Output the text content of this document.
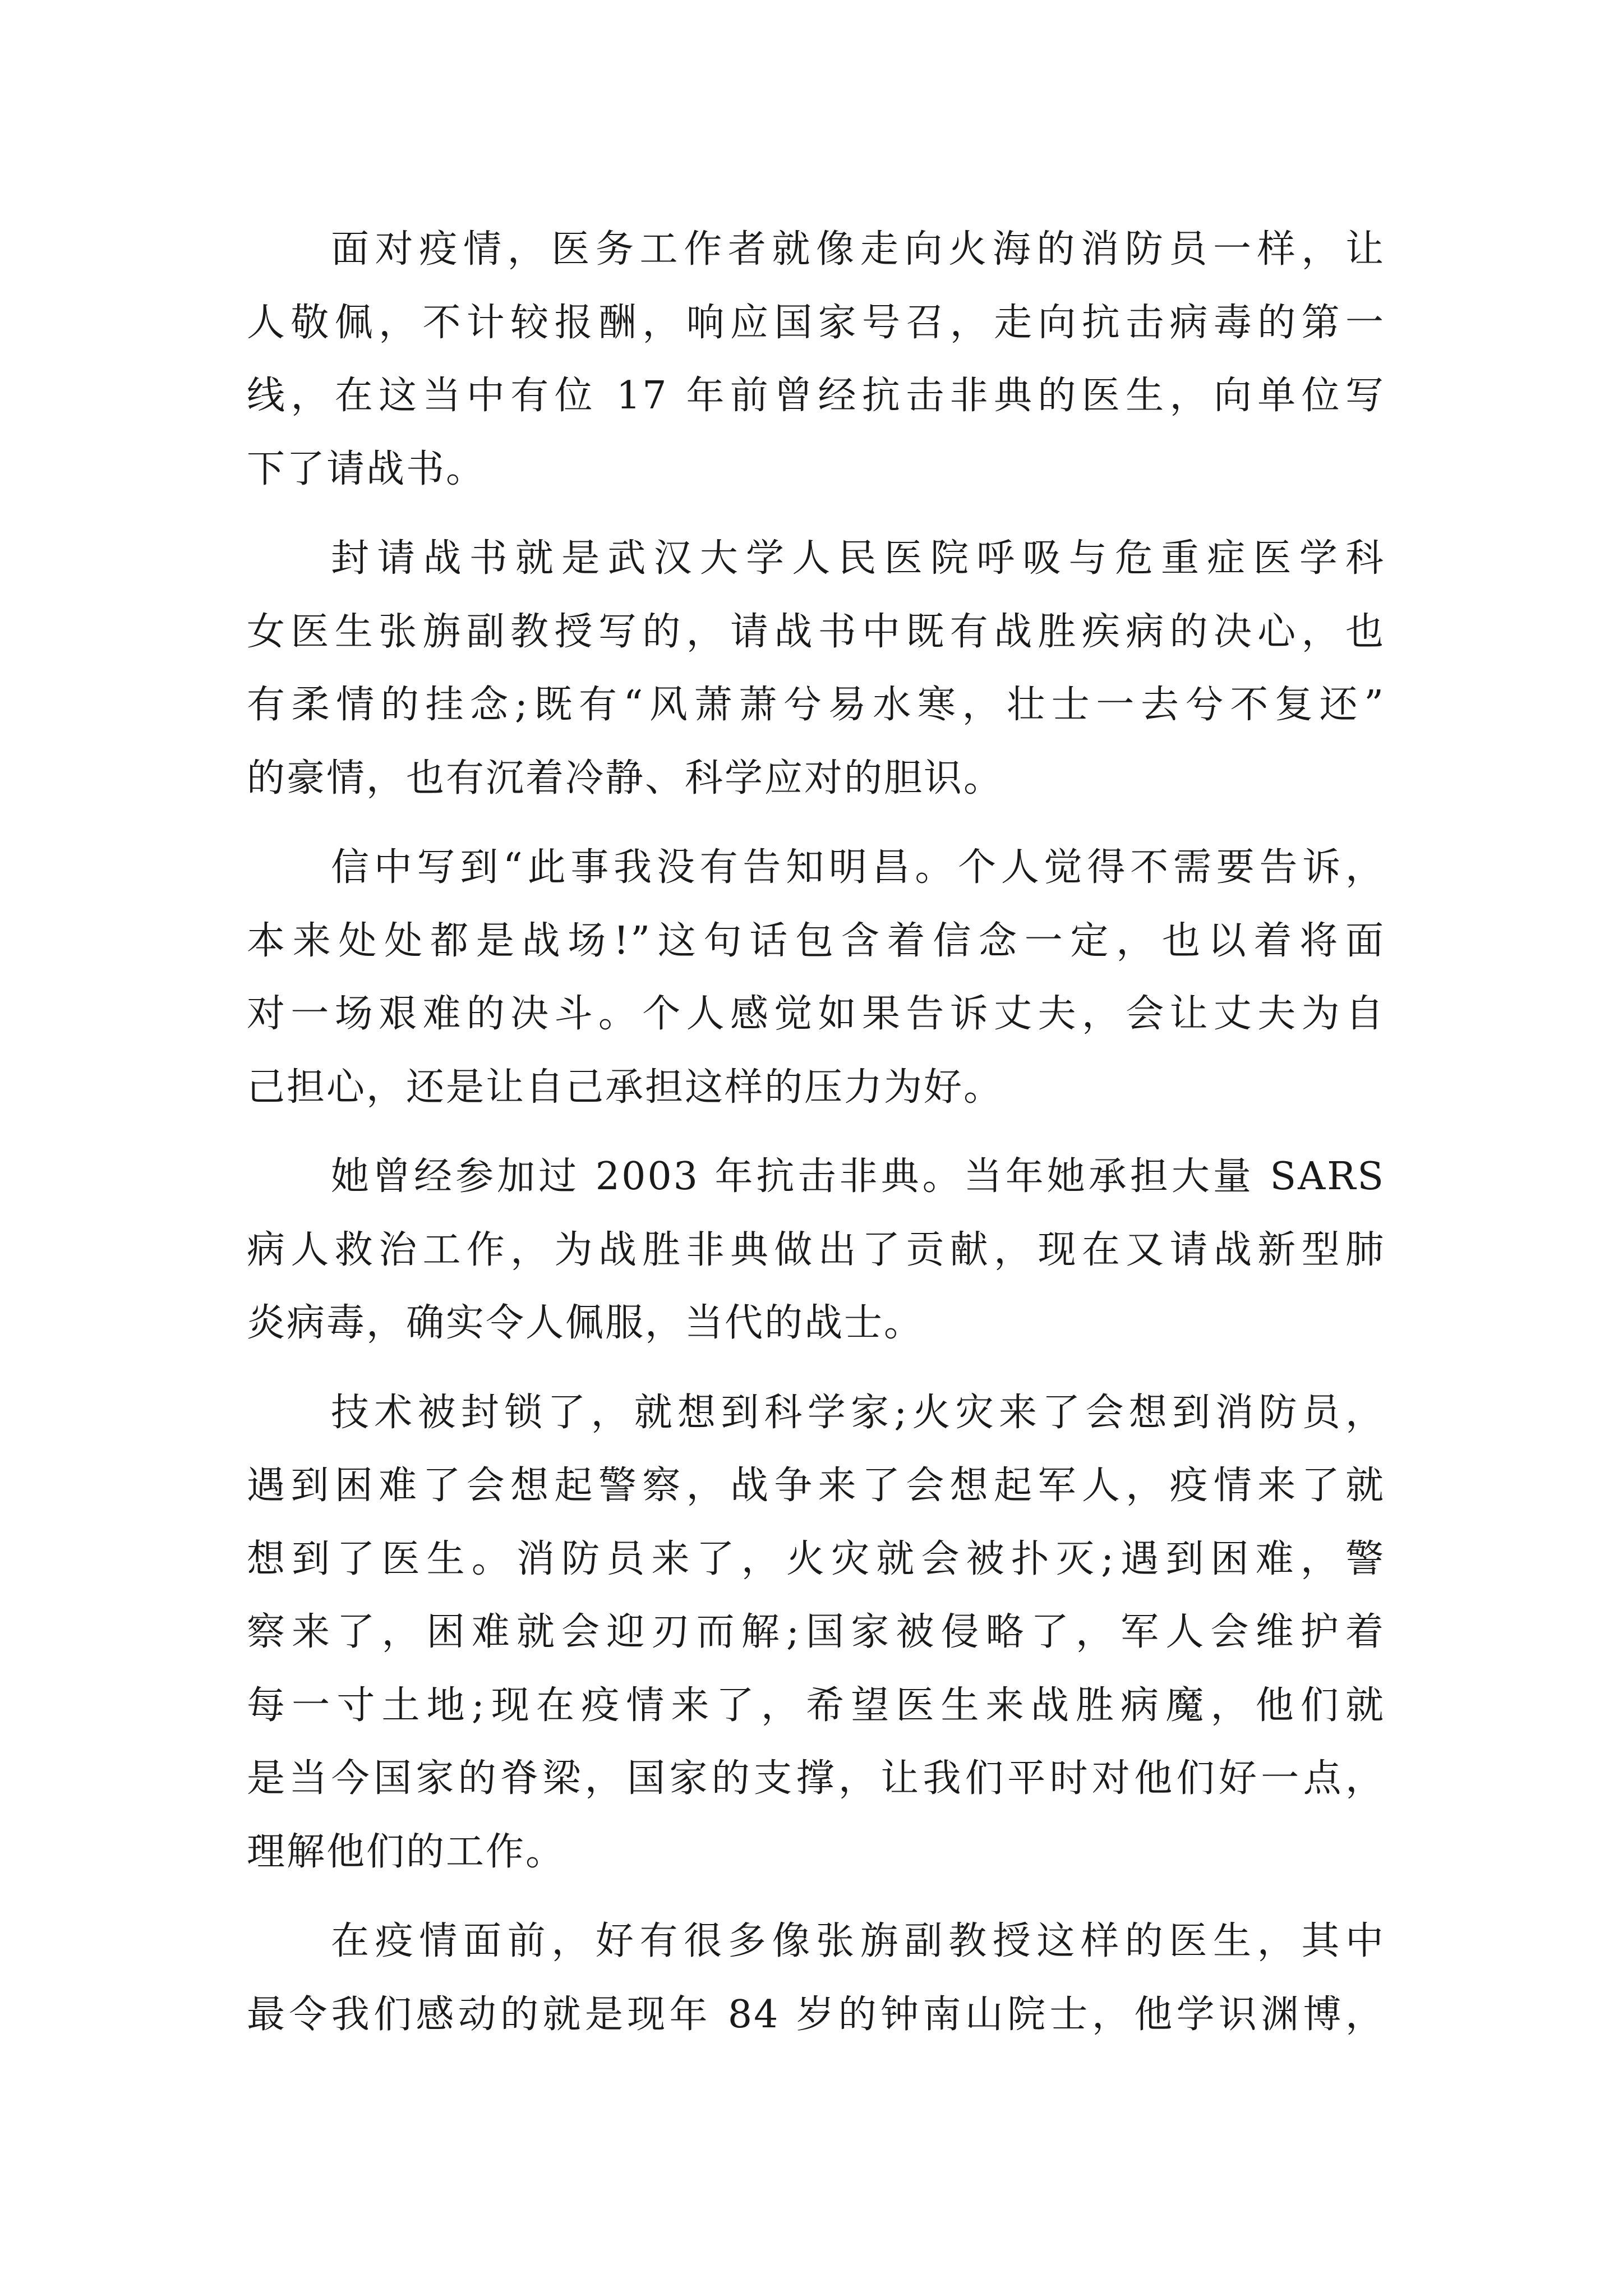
面对疫情，医务工作者就像走向火海的消防员一样，让
人敬佩，不计较报酬，响应国家号召，走向抗击病毒的第一
线，在这当中有位 17 年前曾经抗击非典的医生，向单位写
下了请战书。
封请战书就是武汉大学人民医院呼吸与危重症医学科
女医生张旃副教授写的，请战书中既有战胜疾病的决心，也
有柔情的挂念;既有“风萧萧兮易水寒，壮士一去兮不复还”
的豪情，也有沉着冷静、科学应对的胆识。
信中写到“此事我没有告知明昌。个人觉得不需要告诉，
本来处处都是战场!”这句话包含着信念一定，也以着将面
对一场艰难的决斗。个人感觉如果告诉丈夫，会让丈夫为自
己担心，还是让自己承担这样的压力为好。
她曾经参加过 2003 年抗击非典。当年她承担大量 SARS
病人救治工作，为战胜非典做出了贡献，现在又请战新型肺
炎病毒，确实令人佩服，当代的战士。
技术被封锁了，就想到科学家;火灾来了会想到消防员，
遇到困难了会想起警察，战争来了会想起军人，疫情来了就
想到了医生。消防员来了，火灾就会被扑灭;遇到困难，警
察来了，困难就会迎刃而解;国家被侵略了，军人会维护着
每一寸土地;现在疫情来了，希望医生来战胜病魔，他们就
是当今国家的脊梁，国家的支撑，让我们平时对他们好一点，
理解他们的工作。
在疫情面前，好有很多像张旃副教授这样的医生，其中
最令我们感动的就是现年 84 岁的钟南山院士，他学识渊博，
